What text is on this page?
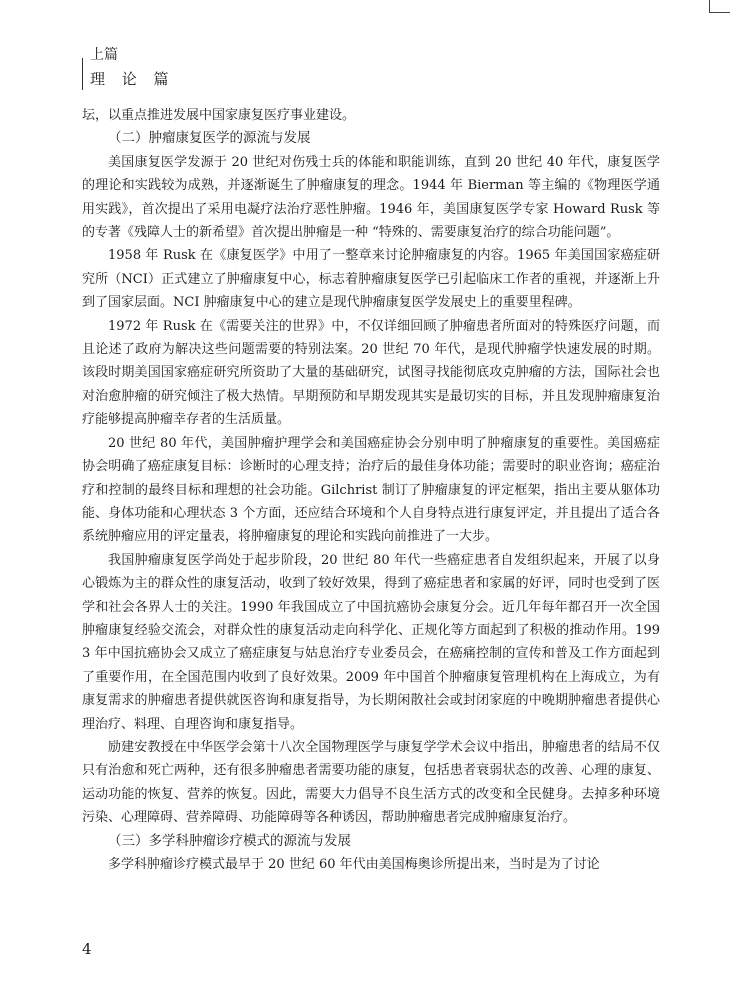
上篇
理 论 篇

坛，以重点推进发展中国家康复医疗事业建设。

（二）肿瘤康复医学的源流与发展

美国康复医学发源于 20 世纪对伤残士兵的体能和职能训练，直到 20 世纪 40 年代，康复医学的理论和实践较为成熟，并逐渐诞生了肿瘤康复的理念。1944 年 Bierman 等主编的《物理医学通用实践》，首次提出了采用电凝疗法治疗恶性肿瘤。1946 年，美国康复医学专家 Howard Rusk 等的专著《残障人士的新希望》首次提出肿瘤是一种 “特殊的、需要康复治疗的综合功能问题”。

1958 年 Rusk 在《康复医学》中用了一整章来讨论肿瘤康复的内容。1965 年美国国家癌症研究所（NCI）正式建立了肿瘤康复中心，标志着肿瘤康复医学已引起临床工作者的重视，并逐渐上升到了国家层面。NCI 肿瘤康复中心的建立是现代肿瘤康复医学发展史上的重要里程碑。

1972 年 Rusk 在《需要关注的世界》中，不仅详细回顾了肿瘤患者所面对的特殊医疗问题，而且论述了政府为解决这些问题需要的特别法案。20 世纪 70 年代，是现代肿瘤学快速发展的时期。该段时期美国国家癌症研究所资助了大量的基础研究，试图寻找能彻底攻克肿瘤的方法，国际社会也对治愈肿瘤的研究倾注了极大热情。早期预防和早期发现其实是最切实的目标，并且发现肿瘤康复治疗能够提高肿瘤幸存者的生活质量。

20 世纪 80 年代，美国肿瘤护理学会和美国癌症协会分别申明了肿瘤康复的重要性。美国癌症协会明确了癌症康复目标：诊断时的心理支持；治疗后的最佳身体功能；需要时的职业咨询；癌症治疗和控制的最终目标和理想的社会功能。Gilchrist 制订了肿瘤康复的评定框架，指出主要从躯体功能、身体功能和心理状态 3 个方面，还应结合环境和个人自身特点进行康复评定，并且提出了适合各系统肿瘤应用的评定量表，将肿瘤康复的理论和实践向前推进了一大步。

我国肿瘤康复医学尚处于起步阶段，20 世纪 80 年代一些癌症患者自发组织起来，开展了以身心锻炼为主的群众性的康复活动，收到了较好效果，得到了癌症患者和家属的好评，同时也受到了医学和社会各界人士的关注。1990 年我国成立了中国抗癌协会康复分会。近几年每年都召开一次全国肿瘤康复经验交流会，对群众性的康复活动走向科学化、正规化等方面起到了积极的推动作用。1993 年中国抗癌协会又成立了癌症康复与姑息治疗专业委员会，在癌痛控制的宣传和普及工作方面起到了重要作用，在全国范围内收到了良好效果。2009 年中国首个肿瘤康复管理机构在上海成立，为有康复需求的肿瘤患者提供就医咨询和康复指导，为长期闲散社会或封闭家庭的中晚期肿瘤患者提供心理治疗、料理、自理咨询和康复指导。

励建安教授在中华医学会第十八次全国物理医学与康复学学术会议中指出，肿瘤患者的结局不仅只有治愈和死亡两种，还有很多肿瘤患者需要功能的康复，包括患者衰弱状态的改善、心理的康复、运动功能的恢复、营养的恢复。因此，需要大力倡导不良生活方式的改变和全民健身。去掉多种环境污染、心理障碍、营养障碍、功能障碍等各种诱因，帮助肿瘤患者完成肿瘤康复治疗。

（三）多学科肿瘤诊疗模式的源流与发展

多学科肿瘤诊疗模式最早于 20 世纪 60 年代由美国梅奥诊所提出来，当时是为了讨论

4
